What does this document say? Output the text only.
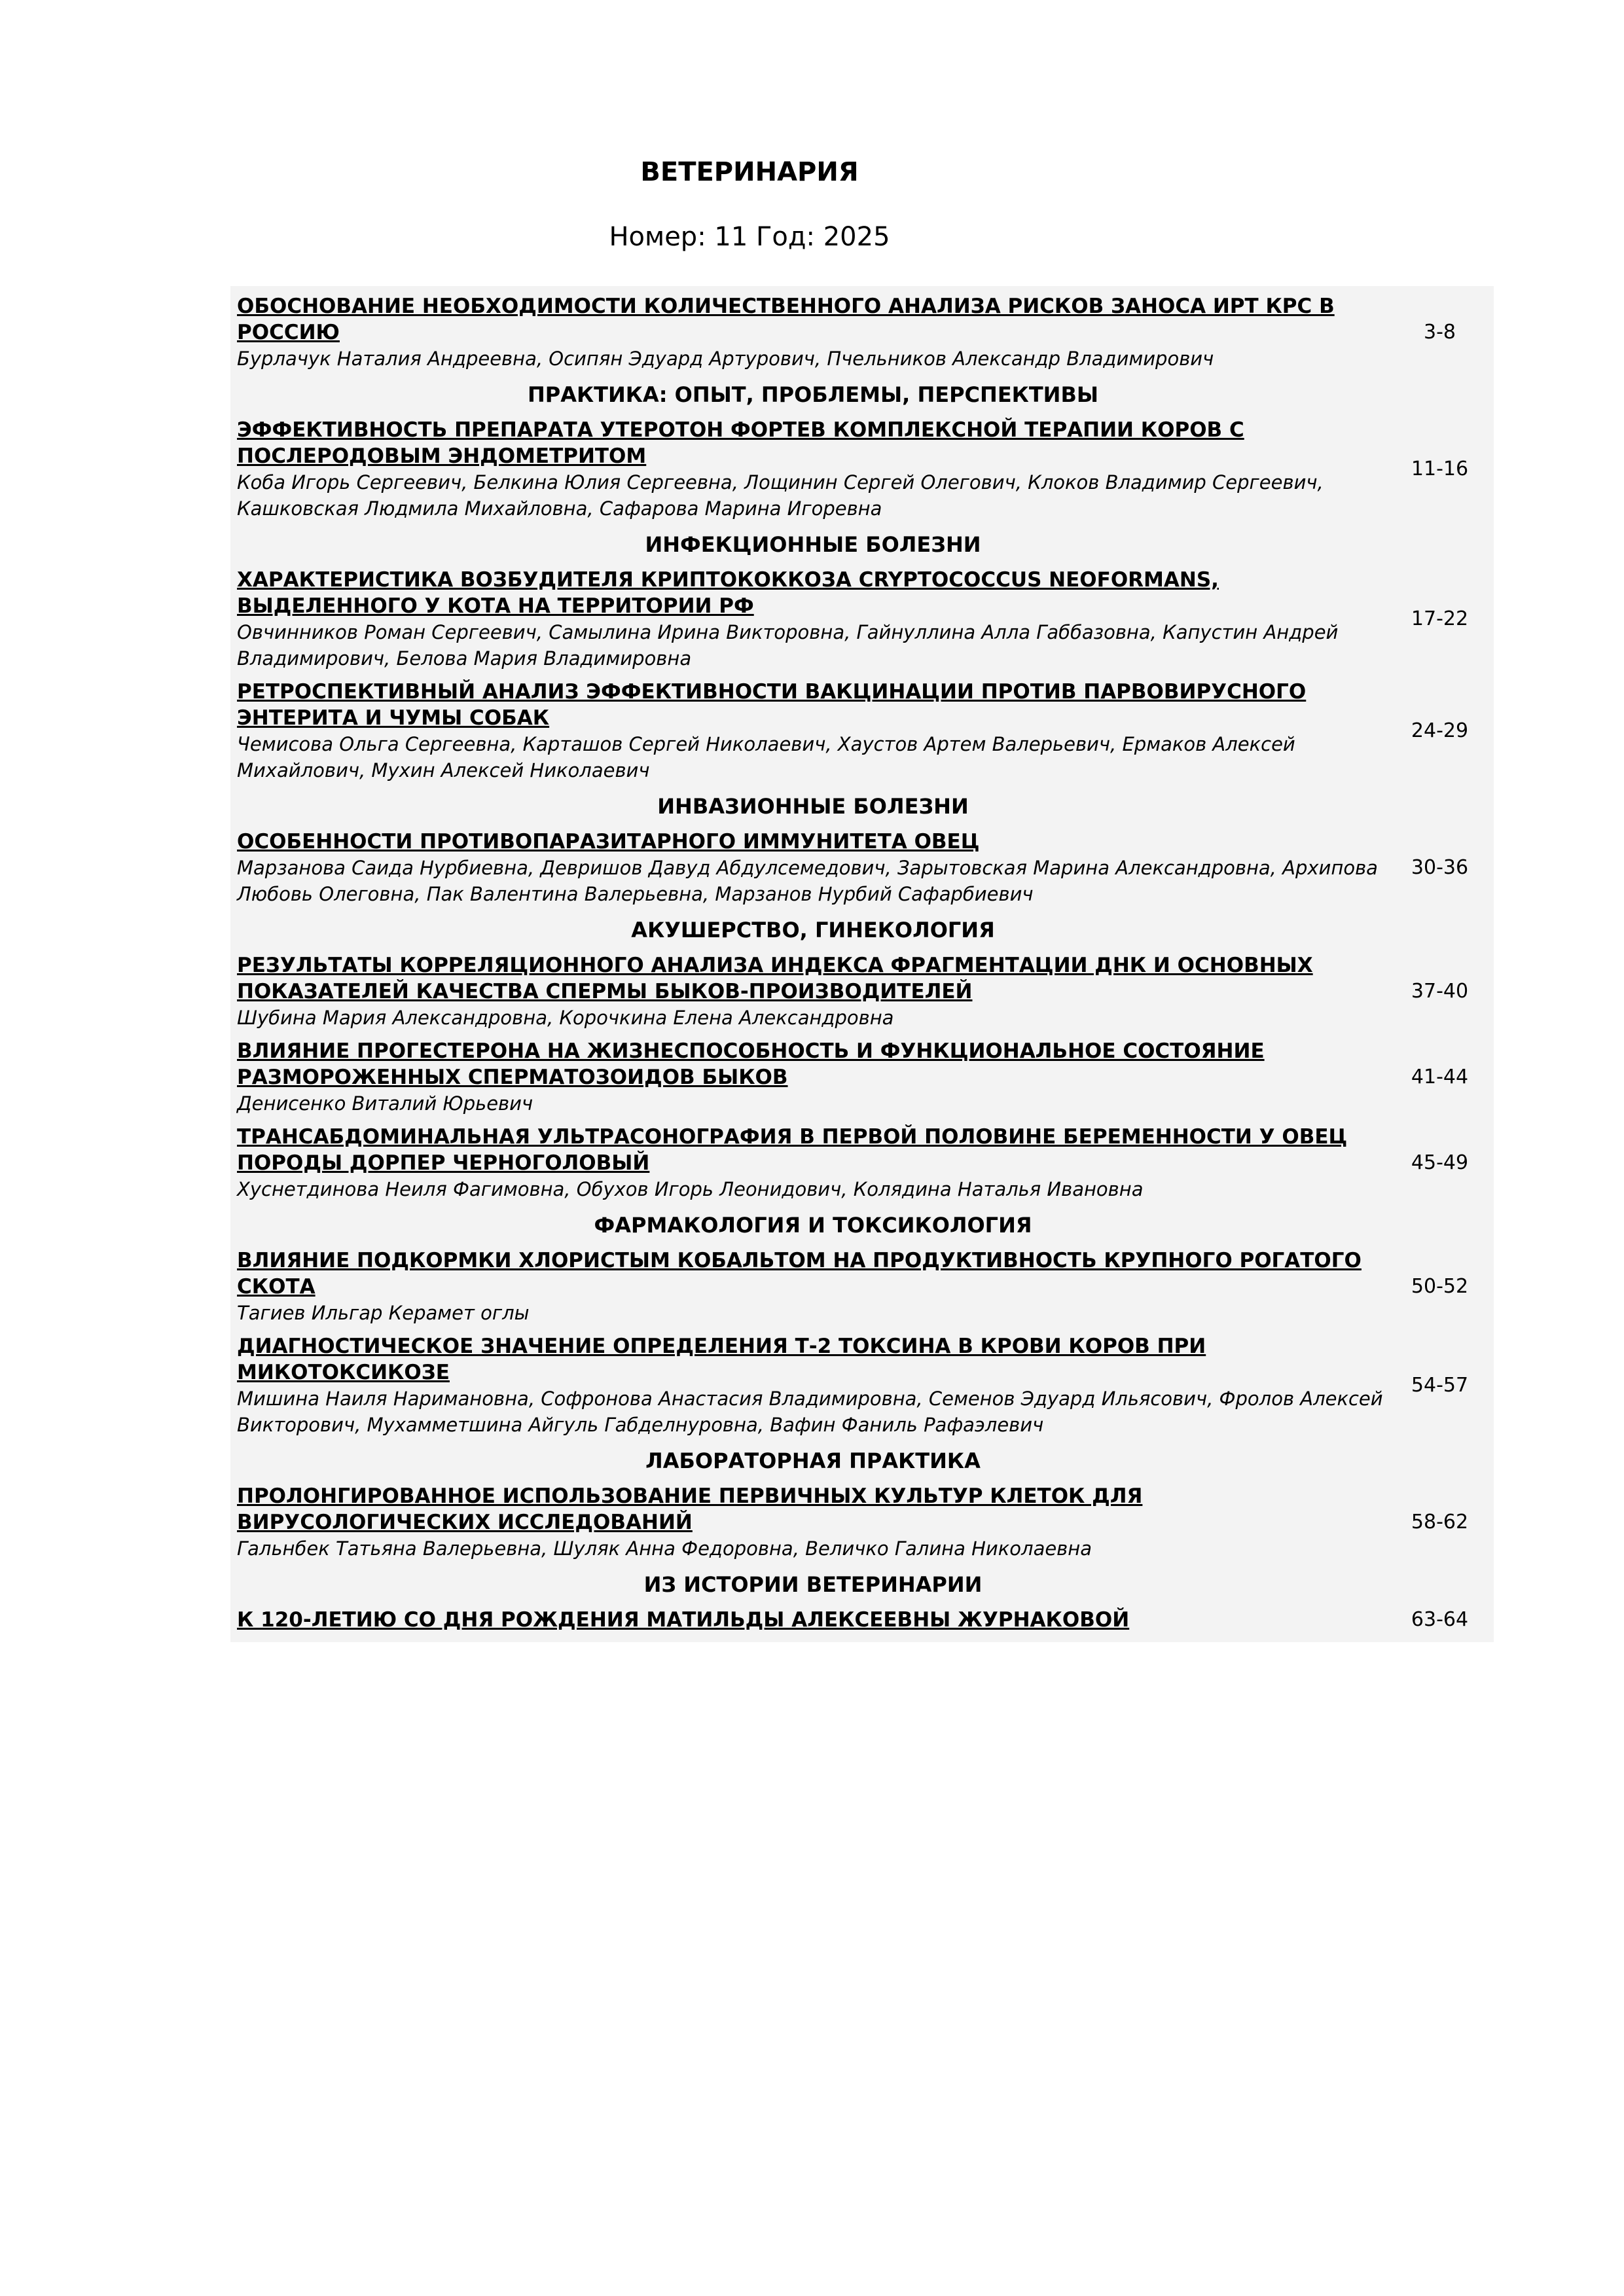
ВЕТЕРИНАРИЯ
Номер: 11 Год: 2025
ОБОСНОВАНИЕ НЕОБХОДИМОСТИ КОЛИЧЕСТВЕННОГО АНАЛИЗА РИСКОВ ЗАНОСА ИРТ КРС В РОССИЮ
Бурлачук Наталия Андреевна, Осипян Эдуард Артурович, Пчельников Александр Владимирович
3-8
ПРАКТИКА: ОПЫТ, ПРОБЛЕМЫ, ПЕРСПЕКТИВЫ
ЭФФЕКТИВНОСТЬ ПРЕПАРАТА УТЕРОТОН ФОРТЕВ КОМПЛЕКСНОЙ ТЕРАПИИ КОРОВ С ПОСЛЕРОДОВЫМ ЭНДОМЕТРИТОМ
Коба Игорь Сергеевич, Белкина Юлия Сергеевна, Лощинин Сергей Олегович, Клоков Владимир Сергеевич, Кашковская Людмила Михайловна, Сафарова Марина Игоревна
11-16
ИНФЕКЦИОННЫЕ БОЛЕЗНИ
ХАРАКТЕРИСТИКА ВОЗБУДИТЕЛЯ КРИПТОКОККОЗА CRYPTOCOCCUS NEOFORMANS, ВЫДЕЛЕННОГО У КОТА НА ТЕРРИТОРИИ РФ
Овчинников Роман Сергеевич, Самылина Ирина Викторовна, Гайнуллина Алла Габбазовна, Капустин Андрей Владимирович, Белова Мария Владимировна
17-22
РЕТРОСПЕКТИВНЫЙ АНАЛИЗ ЭФФЕКТИВНОСТИ ВАКЦИНАЦИИ ПРОТИВ ПАРВОВИРУСНОГО ЭНТЕРИТА И ЧУМЫ СОБАК
Чемисова Ольга Сергеевна, Карташов Сергей Николаевич, Хаустов Артем Валерьевич, Ермаков Алексей Михайлович, Мухин Алексей Николаевич
24-29
ИНВАЗИОННЫЕ БОЛЕЗНИ
ОСОБЕННОСТИ ПРОТИВОПАРАЗИТАРНОГО ИММУНИТЕТА ОВЕЦ
Марзанова Саида Нурбиевна, Девришов Давуд Абдулсемедович, Зарытовская Марина Александровна, Архипова Любовь Олеговна, Пак Валентина Валерьевна, Марзанов Нурбий Сафарбиевич
30-36
АКУШЕРСТВО, ГИНЕКОЛОГИЯ
РЕЗУЛЬТАТЫ КОРРЕЛЯЦИОННОГО АНАЛИЗА ИНДЕКСА ФРАГМЕНТАЦИИ ДНК И ОСНОВНЫХ ПОКАЗАТЕЛЕЙ КАЧЕСТВА СПЕРМЫ БЫКОВ-ПРОИЗВОДИТЕЛЕЙ
Шубина Мария Александровна, Корочкина Елена Александровна
37-40
ВЛИЯНИЕ ПРОГЕСТЕРОНА НА ЖИЗНЕСПОСОБНОСТЬ И ФУНКЦИОНАЛЬНОЕ СОСТОЯНИЕ РАЗМОРОЖЕННЫХ СПЕРМАТОЗОИДОВ БЫКОВ
Денисенко Виталий Юрьевич
41-44
ТРАНСАБДОМИНАЛЬНАЯ УЛЬТРАСОНОГРАФИЯ В ПЕРВОЙ ПОЛОВИНЕ БЕРЕМЕННОСТИ У ОВЕЦ ПОРОДЫ ДОРПЕР ЧЕРНОГОЛОВЫЙ
Хуснетдинова Неиля Фагимовна, Обухов Игорь Леонидович, Колядина Наталья Ивановна
45-49
ФАРМАКОЛОГИЯ И ТОКСИКОЛОГИЯ
ВЛИЯНИЕ ПОДКОРМКИ ХЛОРИСТЫМ КОБАЛЬТОМ НА ПРОДУКТИВНОСТЬ КРУПНОГО РОГАТОГО СКОТА
Тагиев Ильгар Керамет оглы
50-52
ДИАГНОСТИЧЕСКОЕ ЗНАЧЕНИЕ ОПРЕДЕЛЕНИЯ Т-2 ТОКСИНА В КРОВИ КОРОВ ПРИ МИКОТОКСИКОЗЕ
Мишина Наиля Наримановна, Софронова Анастасия Владимировна, Семенов Эдуард Ильясович, Фролов Алексей Викторович, Мухамметшина Айгуль Габделнуровна, Вафин Фаниль Рафаэлевич
54-57
ЛАБОРАТОРНАЯ ПРАКТИКА
ПРОЛОНГИРОВАННОЕ ИСПОЛЬЗОВАНИЕ ПЕРВИЧНЫХ КУЛЬТУР КЛЕТОК ДЛЯ ВИРУСОЛОГИЧЕСКИХ ИССЛЕДОВАНИЙ
Гальнбек Татьяна Валерьевна, Шуляк Анна Федоровна, Величко Галина Николаевна
58-62
ИЗ ИСТОРИИ ВЕТЕРИНАРИИ
К 120-ЛЕТИЮ СО ДНЯ РОЖДЕНИЯ МАТИЛЬДЫ АЛЕКСЕЕВНЫ ЖУРНАКОВОЙ	63-64
